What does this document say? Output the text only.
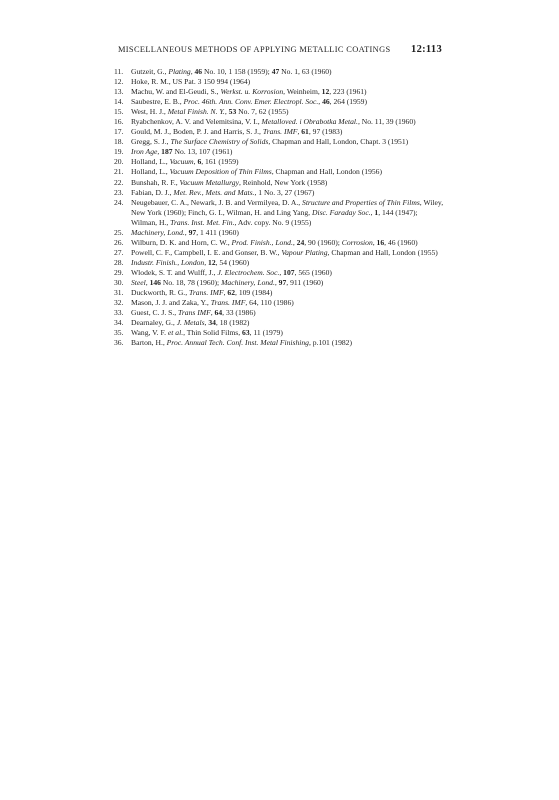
MISCELLANEOUS METHODS OF APPLYING METALLIC COATINGS 12:113
11. Gutzeit, G., Plating, 46 No. 10, 1 158 (1959); 47 No. 1, 63 (1960)
12. Hoke, R. M., US Pat. 3 150 994 (1964)
13. Machu, W. and El-Geudi, S., Werkst. u. Korrosion, Weinheim, 12, 223 (1961)
14. Saubestre, E. B., Proc. 46th. Ann. Conv. Emer. Electropl. Soc., 46, 264 (1959)
15. West, H. J., Metal Finish. N. Y., 53 No. 7, 62 (1955)
16. Ryabchenkov, A. V. and Velemitsina, V. I., Metalloved. i Obrabotka Metal., No. 11, 39 (1960)
17. Gould, M. J., Boden, P. J. and Harris, S. J., Trans. IMF, 61, 97 (1983)
18. Gregg, S. J., The Surface Chemistry of Solids, Chapman and Hall, London, Chapt. 3 (1951)
19. Iron Age, 187 No. 13, 107 (1961)
20. Holland, L., Vacuum, 6, 161 (1959)
21. Holland, L., Vacuum Deposition of Thin Films, Chapman and Hall, London (1956)
22. Bunshah, R. F., Vacuum Metallurgy, Reinhold, New York (1958)
23. Fabian, D. J., Met. Rev., Mets. and Mats., 1 No. 3, 27 (1967)
24. Neugebauer, C. A., Newark, J. B. and Vermilyea, D. A., Structure and Properties of Thin Films, Wiley, New York (1960); Finch, G. I., Wilman, H. and Ling Yang, Disc. Faraday Soc., 1, 144 (1947); Wilman, H., Trans. Inst. Met. Fin., Adv. copy. No. 9 (1955)
25. Machinery, Lond., 97, 1 411 (1960)
26. Wilburn, D. K. and Horn, C. W., Prod. Finish., Lond., 24, 90 (1960); Corrosion, 16, 46 (1960)
27. Powell, C. F., Campbell, I. E. and Gonser, B. W., Vapour Plating, Chapman and Hall, London (1955)
28. Industr. Finish., London, 12, 54 (1960)
29. Wlodek, S. T. and Wulff, J., J. Electrochem. Soc., 107, 565 (1960)
30. Steel, 146 No. 18, 78 (1960); Machinery, Lond., 97, 911 (1960)
31. Duckworth, R. G., Trans. IMF, 62, 109 (1984)
32. Mason, J. J. and Zaka, Y., Trans. IMF, 64, 110 (1986)
33. Guest, C. J. S., Trans IMF, 64, 33 (1986)
34. Dearnaley, G., J. Metals, 34, 18 (1982)
35. Wang, V. F. et al., Thin Solid Films, 63, 11 (1979)
36. Barton, H., Proc. Annual Tech. Conf. Inst. Metal Finishing, p.101 (1982)
